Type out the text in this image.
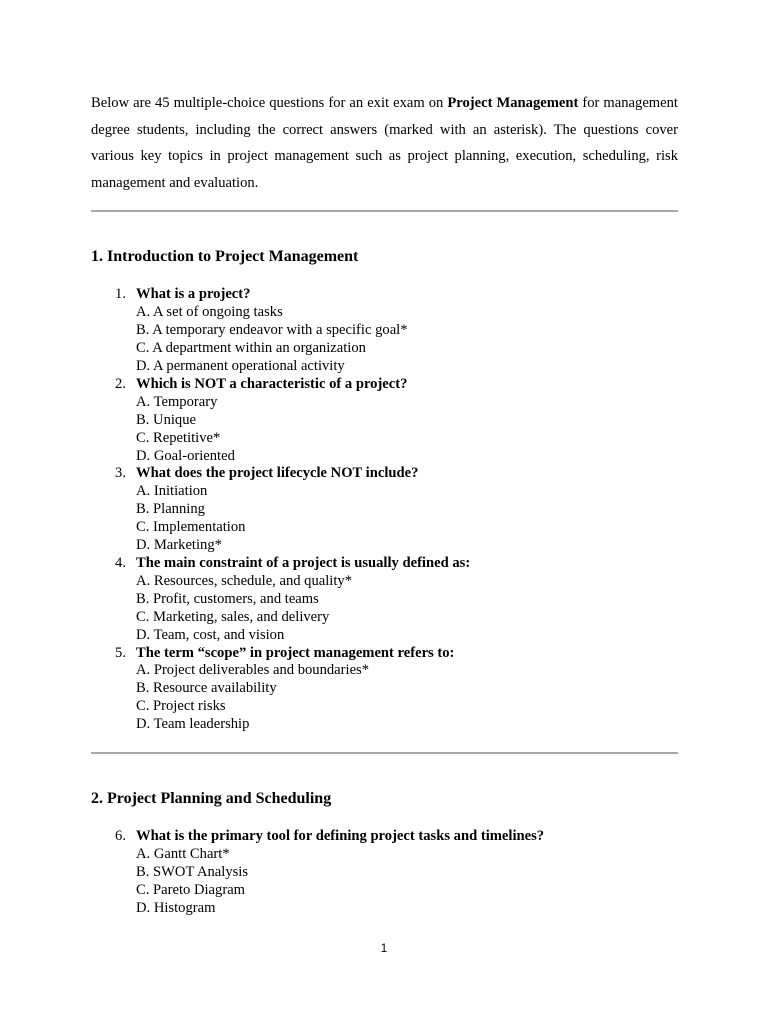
Below are 45 multiple-choice questions for an exit exam on Project Management for management degree students, including the correct answers (marked with an asterisk). The questions cover various key topics in project management such as project planning, execution, scheduling, risk management and evaluation.

1. Introduction to Project Management
1. What is a project?
A. A set of ongoing tasks
B. A temporary endeavor with a specific goal*
C. A department within an organization
D. A permanent operational activity
2. Which is NOT a characteristic of a project?
A. Temporary
B. Unique
C. Repetitive*
D. Goal-oriented
3. What does the project lifecycle NOT include?
A. Initiation
B. Planning
C. Implementation
D. Marketing*
4. The main constraint of a project is usually defined as:
A. Resources, schedule, and quality*
B. Profit, customers, and teams
C. Marketing, sales, and delivery
D. Team, cost, and vision
5. The term “scope” in project management refers to:
A. Project deliverables and boundaries*
B. Resource availability
C. Project risks
D. Team leadership
2. Project Planning and Scheduling
6. What is the primary tool for defining project tasks and timelines?
A. Gantt Chart*
B. SWOT Analysis
C. Pareto Diagram
D. Histogram
1
